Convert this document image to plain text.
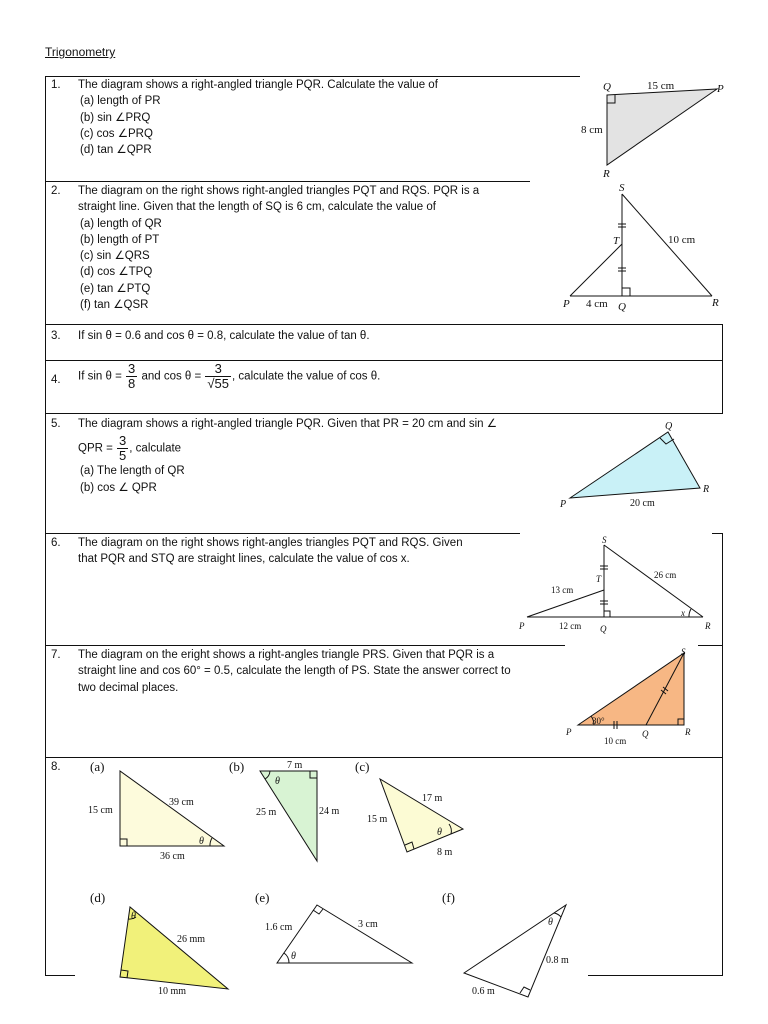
Trigonometry
1.	The diagram shows a right-angled triangle PQR. Calculate the value of
(a) length of PR
(b) sin ∠PRQ
(c) cos ∠PRQ
(d) tan ∠QPR
Q	P
R
15 cm
8 cm
2.	The diagram on the right shows right-angled triangles PQT and RQS. PQR is a
straight line. Given that the length of SQ is 6 cm, calculate the value of
(a) length of QR
(b) length of PT
(c) sin ∠QRS
(d) cos ∠TPQ
(e) tan ∠PTQ
(f) tan ∠QSR
S
T
P	Q	R
10 cm
4 cm
3.	If sin θ = 0.6 and cos θ = 0.8, calculate the value of tan θ.
4.	If $\sin \theta = \frac{3}{8}$ and $\cos \theta = \frac{3}{√55}$ , calculate the value of cos θ.
5.	The diagram shows a right-angled triangle PQR. Given that PR = 20 cm and sin ∠
QPR = $\frac{3}{5}$ , calculate
(a) The length of QR
(b) cos ∠ QPR
Q
P
R
20 cm
6.	The diagram on the right shows right-angles triangles PQT and RQS. Given
that PQR and STQ are straight lines, calculate the value of cos x.
S
T
P	Q	R
x
13 cm
26 cm
12 cm
7.	The diagram on the eright shows a right-angles triangle PRS. Given that PQR is a
straight line and cos 60° = 0.5, calculate the length of PS. State the answer correct to
two decimal places.
S
P	Q	R
30°
10 cm
8.	(a)
15 cm
39 cm
36 cm
θ
(b)	7 m
25 m	24 m
θ
(c)
17 m
15 m
8 m
θ
(d)
26 mm
10 mm
θ
(e)
1.6 cm	3 cm
θ
(f)
0.8 m
0.6 m
θ
